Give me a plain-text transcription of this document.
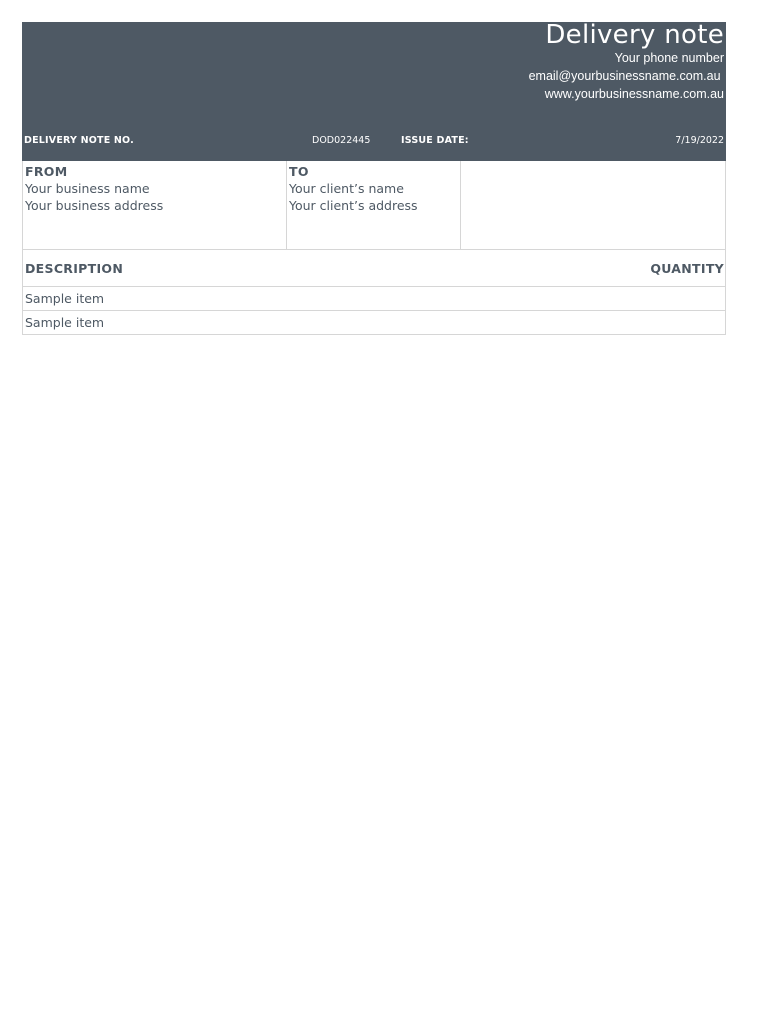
Delivery note
Your phone number
email@yourbusinessname.com.au
www.yourbusinessname.com.au
DELIVERY NOTE NO.	DOD022445	ISSUE DATE:	7/19/2022
FROM
Your business name
Your business address
TO
Your client’s name
Your client’s address
DESCRIPTION	QUANTITY
Sample item
Sample item
